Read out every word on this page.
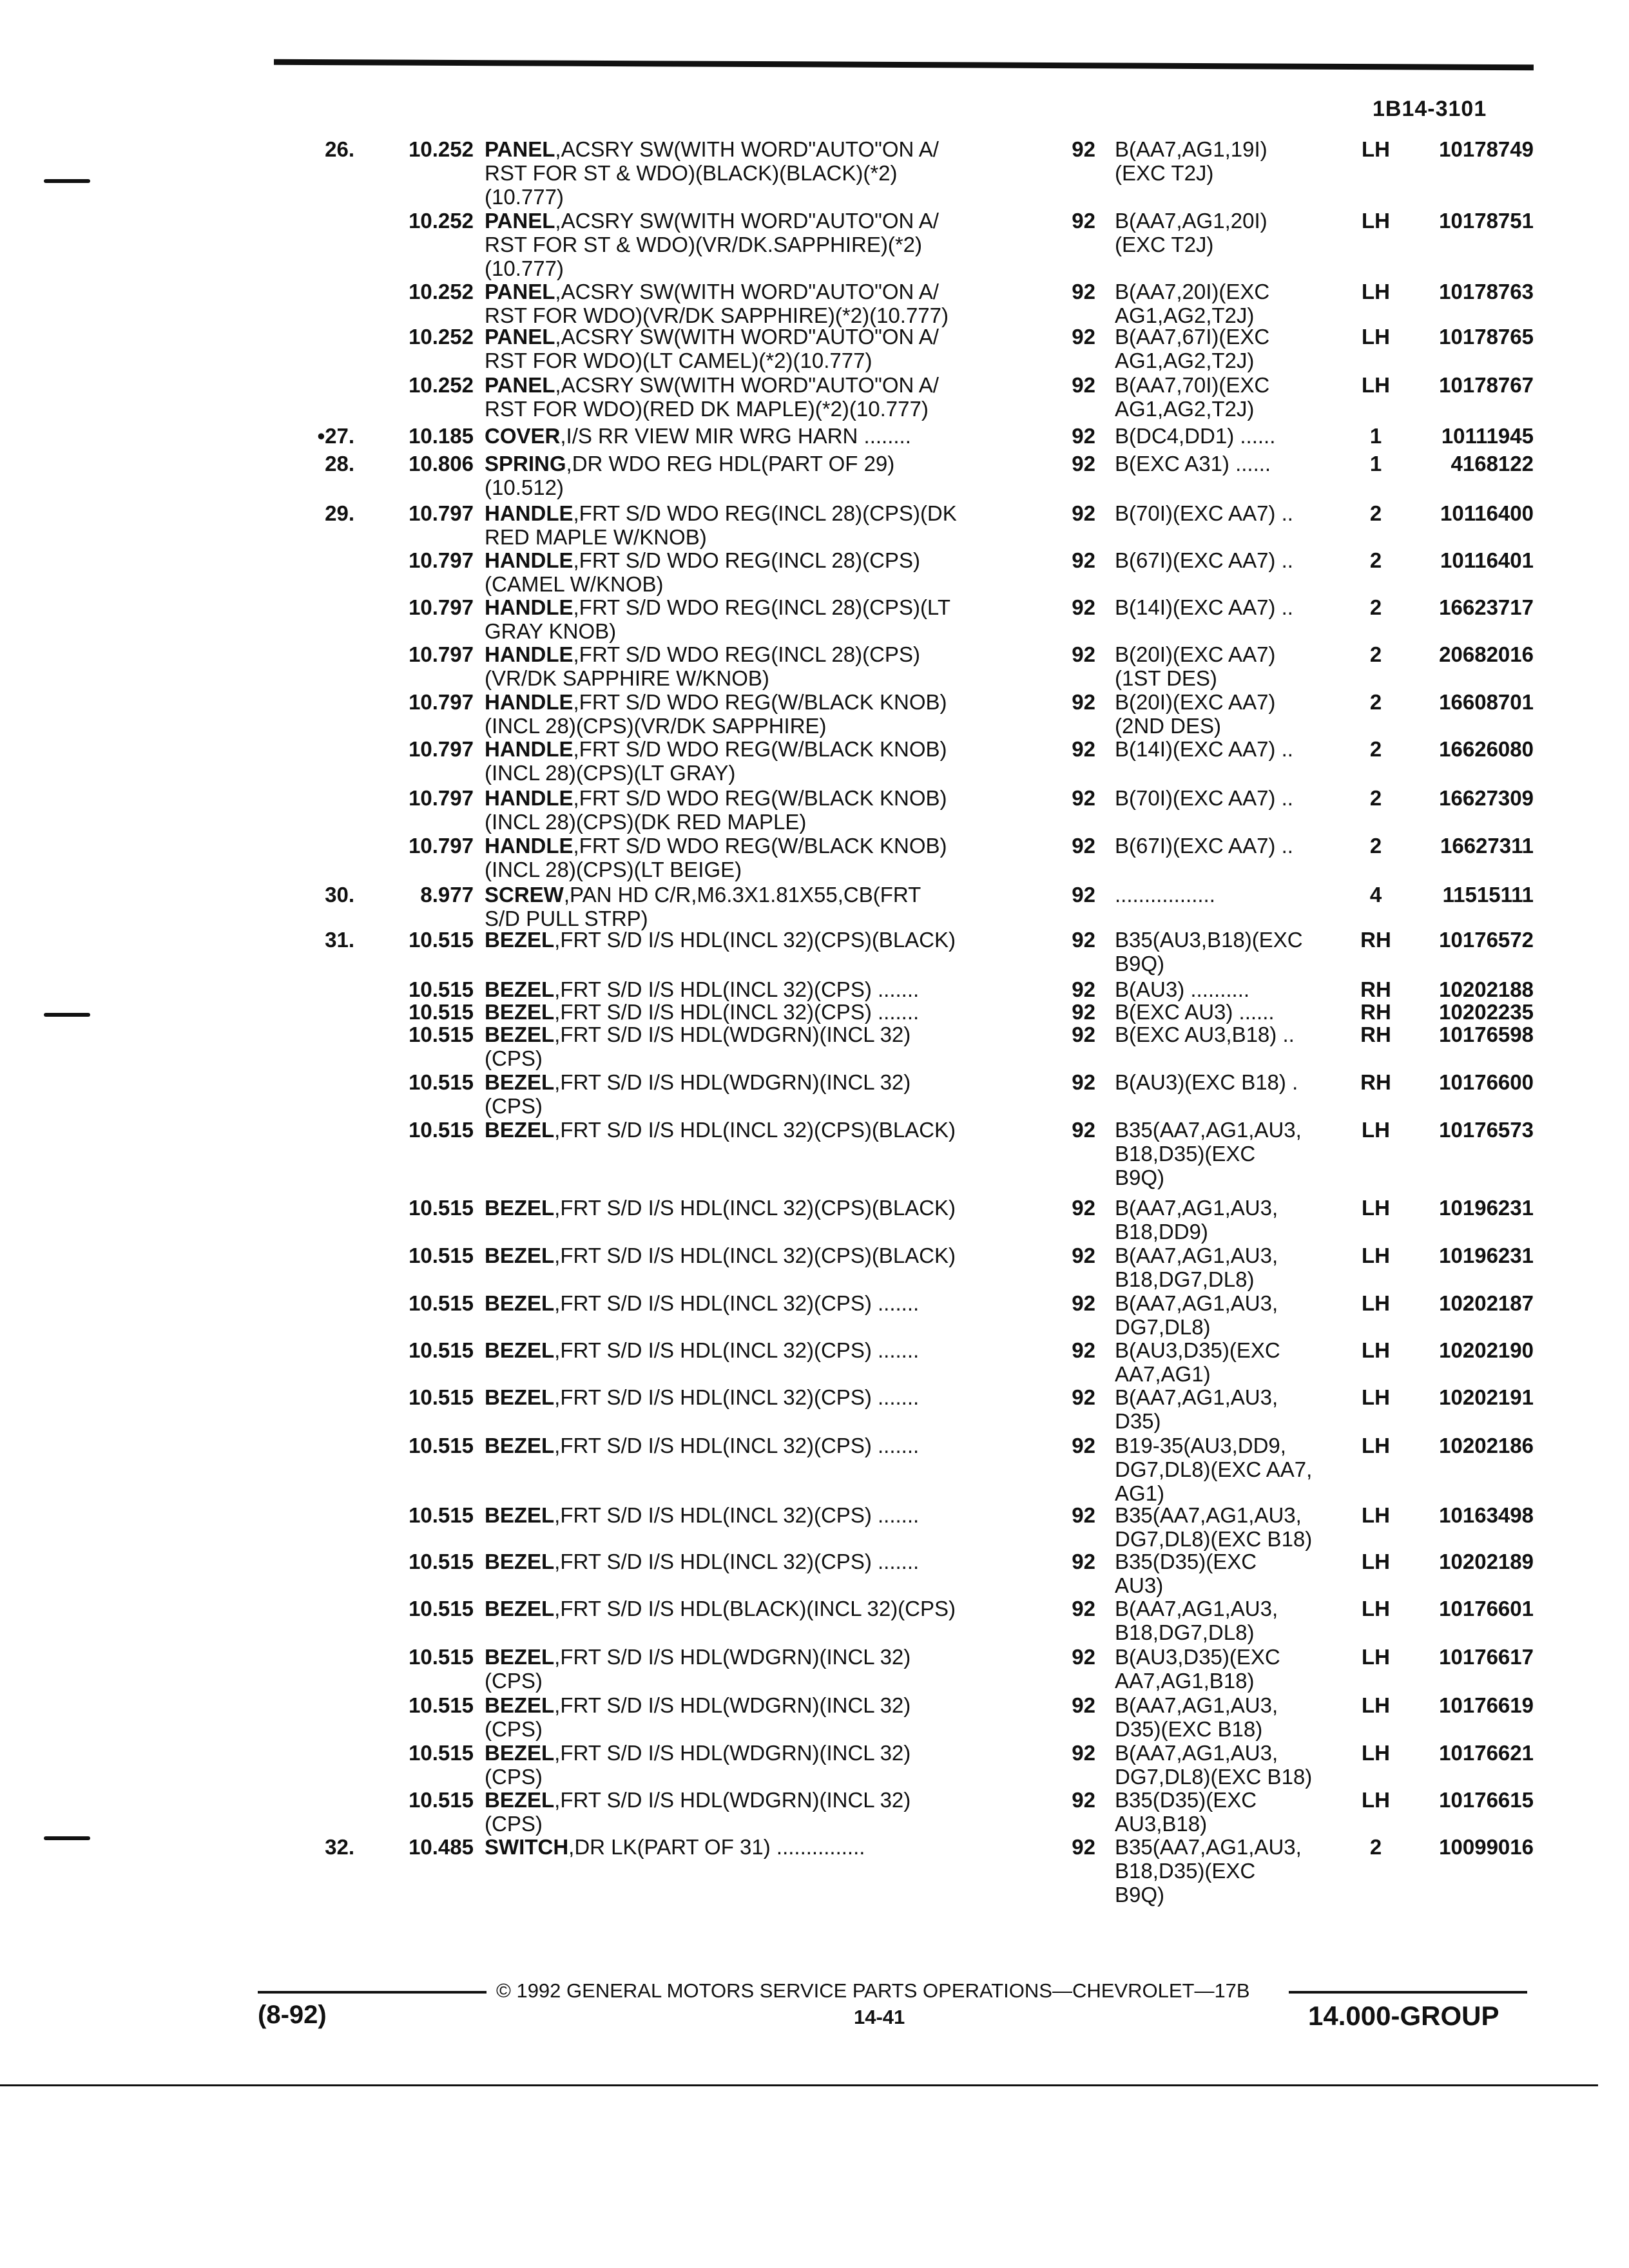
1B14-3101
26.	10.252 PANEL,ACSRY SW(WITH WORD"AUTO"ON A/
RST FOR ST & WDO)(BLACK)(BLACK)(*2)
(10.777)
92 B(AA7,AG1,19I)
(EXC T2J)
LH	10178749
10.252 PANEL,ACSRY SW(WITH WORD"AUTO"ON A/
RST FOR ST & WDO)(VR/DK.SAPPHIRE)(*2)
(10.777)
92 B(AA7,AG1,20I)
(EXC T2J)
LH	10178751
10.252 PANEL,ACSRY SW(WITH WORD"AUTO"ON A/
RST FOR WDO)(VR/DK SAPPHIRE)(*2)(10.777)
92 B(AA7,20I)(EXC
AG1,AG2,T2J)
LH	10178763
10.252 PANEL,ACSRY SW(WITH WORD"AUTO"ON A/
RST FOR WDO)(LT CAMEL)(*2)(10.777)
92 B(AA7,67I)(EXC
AG1,AG2,T2J)
LH	10178765
10.252 PANEL,ACSRY SW(WITH WORD"AUTO"ON A/
RST FOR WDO)(RED DK MAPLE)(*2)(10.777)
92 B(AA7,70I)(EXC
AG1,AG2,T2J)
LH	10178767
•27.	10.185 COVER,I/S RR VIEW MIR WRG HARN ........	92 B(DC4,DD1) ......	1	10111945
28.	10.806 SPRING,DR WDO REG HDL(PART OF 29)
(10.512)
92 B(EXC A31) ......	1	4168122
29.	10.797 HANDLE,FRT S/D WDO REG(INCL 28)(CPS)(DK
RED MAPLE W/KNOB)
92 B(70I)(EXC AA7) ..	2	10116400
10.797 HANDLE,FRT S/D WDO REG(INCL 28)(CPS)
(CAMEL W/KNOB)
92 B(67I)(EXC AA7) ..	2	10116401
10.797 HANDLE,FRT S/D WDO REG(INCL 28)(CPS)(LT
GRAY KNOB)
92 B(14I)(EXC AA7) ..	2	16623717
10.797 HANDLE,FRT S/D WDO REG(INCL 28)(CPS)
(VR/DK SAPPHIRE W/KNOB)
92 B(20I)(EXC AA7)
(1ST DES)
2	20682016
10.797 HANDLE,FRT S/D WDO REG(W/BLACK KNOB)
(INCL 28)(CPS)(VR/DK SAPPHIRE)
92 B(20I)(EXC AA7)
(2ND DES)
2	16608701
10.797 HANDLE,FRT S/D WDO REG(W/BLACK KNOB)
(INCL 28)(CPS)(LT GRAY)
92 B(14I)(EXC AA7) ..	2	16626080
10.797 HANDLE,FRT S/D WDO REG(W/BLACK KNOB)
(INCL 28)(CPS)(DK RED MAPLE)
92 B(70I)(EXC AA7) ..	2	16627309
10.797 HANDLE,FRT S/D WDO REG(W/BLACK KNOB)
(INCL 28)(CPS)(LT BEIGE)
92 B(67I)(EXC AA7) ..	2	16627311
30.	8.977 SCREW,PAN HD C/R,M6.3X1.81X55,CB(FRT
S/D PULL STRP)
92 .................	4	11515111
31.	10.515 BEZEL,FRT S/D I/S HDL(INCL 32)(CPS)(BLACK)	92 B35(AU3,B18)(EXC
B9Q)
RH	10176572
10.515 BEZEL,FRT S/D I/S HDL(INCL 32)(CPS) .......	92 B(AU3) ..........	RH	10202188
10.515 BEZEL,FRT S/D I/S HDL(INCL 32)(CPS) .......	92 B(EXC AU3) ......	RH	10202235
10.515 BEZEL,FRT S/D I/S HDL(WDGRN)(INCL 32)
(CPS)
92 B(EXC AU3,B18) ..	RH	10176598
10.515 BEZEL,FRT S/D I/S HDL(WDGRN)(INCL 32)
(CPS)
92 B(AU3)(EXC B18) .	RH	10176600
10.515 BEZEL,FRT S/D I/S HDL(INCL 32)(CPS)(BLACK)	92 B35(AA7,AG1,AU3,
B18,D35)(EXC
B9Q)
LH	10176573
10.515 BEZEL,FRT S/D I/S HDL(INCL 32)(CPS)(BLACK)	92 B(AA7,AG1,AU3,
B18,DD9)
LH	10196231
10.515 BEZEL,FRT S/D I/S HDL(INCL 32)(CPS)(BLACK)	92 B(AA7,AG1,AU3,
B18,DG7,DL8)
LH	10196231
10.515 BEZEL,FRT S/D I/S HDL(INCL 32)(CPS) .......	92 B(AA7,AG1,AU3,
DG7,DL8)
LH	10202187
10.515 BEZEL,FRT S/D I/S HDL(INCL 32)(CPS) .......	92 B(AU3,D35)(EXC
AA7,AG1)
LH	10202190
10.515 BEZEL,FRT S/D I/S HDL(INCL 32)(CPS) .......	92 B(AA7,AG1,AU3,
D35)
LH	10202191
10.515 BEZEL,FRT S/D I/S HDL(INCL 32)(CPS) .......	92 B19-35(AU3,DD9,
DG7,DL8)(EXC AA7,
AG1)
LH	10202186
10.515 BEZEL,FRT S/D I/S HDL(INCL 32)(CPS) .......	92 B35(AA7,AG1,AU3,
DG7,DL8)(EXC B18)
LH	10163498
10.515 BEZEL,FRT S/D I/S HDL(INCL 32)(CPS) .......	92 B35(D35)(EXC
AU3)
LH	10202189
10.515 BEZEL,FRT S/D I/S HDL(BLACK)(INCL 32)(CPS)	92 B(AA7,AG1,AU3,
B18,DG7,DL8)
LH	10176601
10.515 BEZEL,FRT S/D I/S HDL(WDGRN)(INCL 32)
(CPS)
92 B(AU3,D35)(EXC
AA7,AG1,B18)
LH	10176617
10.515 BEZEL,FRT S/D I/S HDL(WDGRN)(INCL 32)
(CPS)
92 B(AA7,AG1,AU3,
D35)(EXC B18)
LH	10176619
10.515 BEZEL,FRT S/D I/S HDL(WDGRN)(INCL 32)
(CPS)
92 B(AA7,AG1,AU3,
DG7,DL8)(EXC B18)
LH	10176621
10.515 BEZEL,FRT S/D I/S HDL(WDGRN)(INCL 32)
(CPS)
92 B35(D35)(EXC
AU3,B18)
LH	10176615
32.	10.485 SWITCH,DR LK(PART OF 31) ...............	92 B35(AA7,AG1,AU3,
B18,D35)(EXC
B9Q)
2	10099016
(8-92)
© 1992 GENERAL MOTORS SERVICE PARTS OPERATIONS—CHEVROLET—17B
14-41	14.000-GROUP
